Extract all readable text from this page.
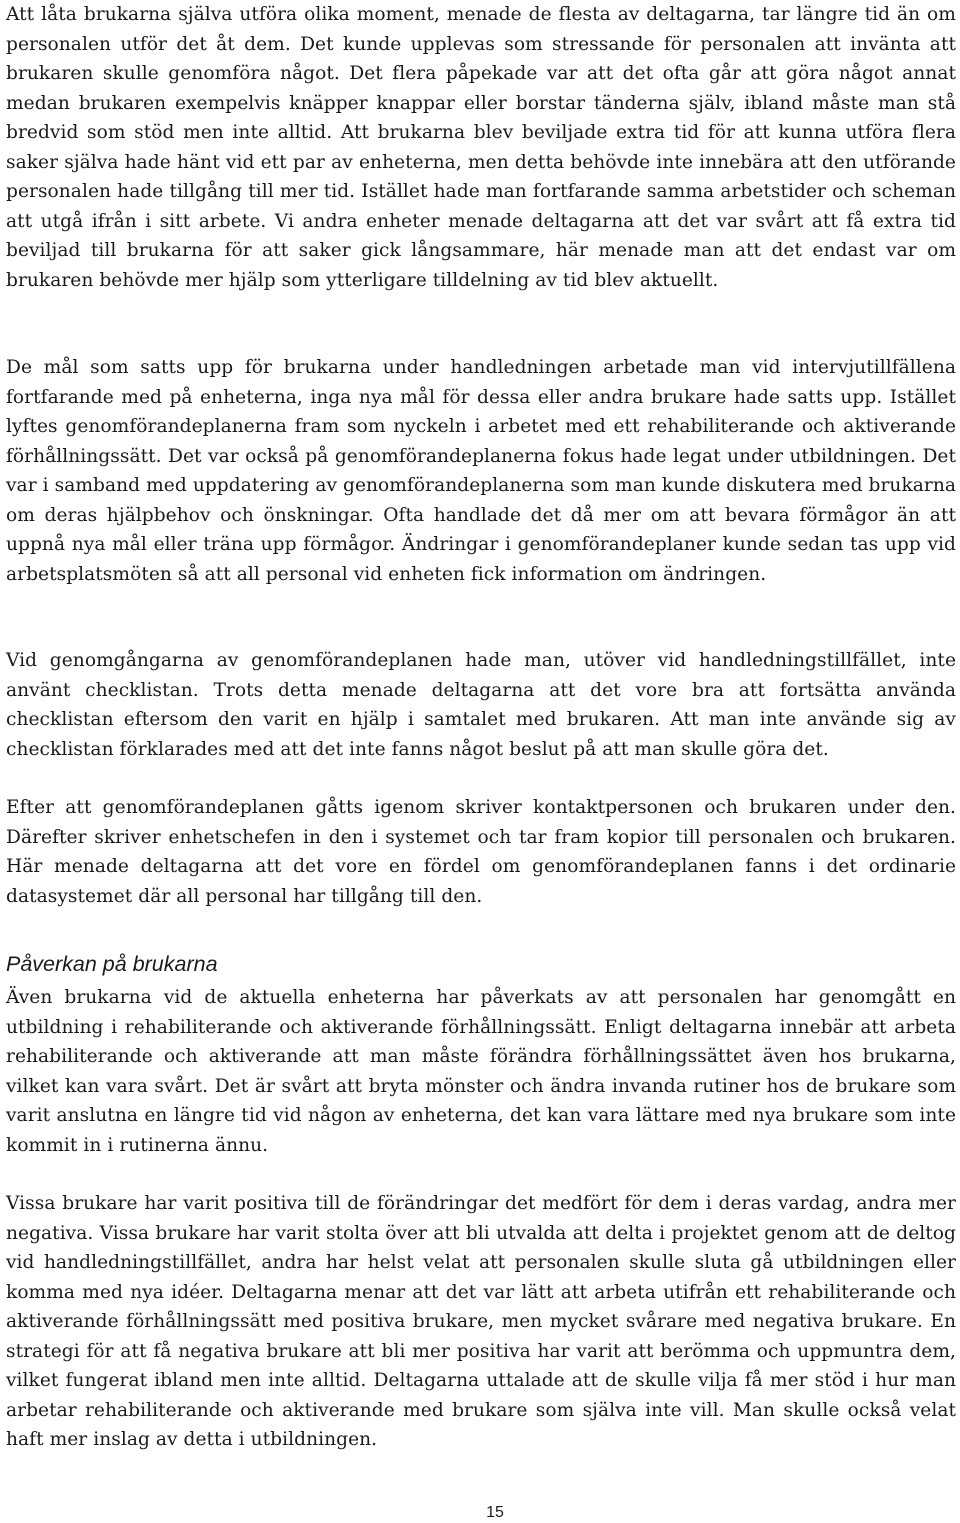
Att låta brukarna själva utföra olika moment, menade de flesta av deltagarna, tar längre tid än om personalen utför det åt dem. Det kunde upplevas som stressande för personalen att invänta att brukaren skulle genomföra något. Det flera påpekade var att det ofta går att göra något annat medan brukaren exempelvis knäpper knappar eller borstar tänderna själv, ibland måste man stå bredvid som stöd men inte alltid. Att brukarna blev beviljade extra tid för att kunna utföra flera saker själva hade hänt vid ett par av enheterna, men detta behövde inte innebära att den utförande personalen hade tillgång till mer tid. Istället hade man fortfarande samma arbetstider och scheman att utgå ifrån i sitt arbete. Vi andra enheter menade deltagarna att det var svårt att få extra tid beviljad till brukarna för att saker gick långsammare, här menade man att det endast var om brukaren behövde mer hjälp som ytterligare tilldelning av tid blev aktuellt.

De mål som satts upp för brukarna under handledningen arbetade man vid intervjutillfällena fortfarande med på enheterna, inga nya mål för dessa eller andra brukare hade satts upp. Istället lyftes genomförandeplanerna fram som nyckeln i arbetet med ett rehabiliterande och aktiverande förhållningssätt. Det var också på genomförandeplanerna fokus hade legat under utbildningen. Det var i samband med uppdatering av genomförandeplanerna som man kunde diskutera med brukarna om deras hjälpbehov och önskningar. Ofta handlade det då mer om att bevara förmågor än att uppnå nya mål eller träna upp förmågor. Ändringar i genomförandeplaner kunde sedan tas upp vid arbetsplatsmöten så att all personal vid enheten fick information om ändringen.

Vid genomgångarna av genomförandeplanen hade man, utöver vid handledningstillfället, inte använt checklistan. Trots detta menade deltagarna att det vore bra att fortsätta använda checklistan eftersom den varit en hjälp i samtalet med brukaren. Att man inte använde sig av checklistan förklarades med att det inte fanns något beslut på att man skulle göra det.

Efter att genomförandeplanen gåtts igenom skriver kontaktpersonen och brukaren under den. Därefter skriver enhetschefen in den i systemet och tar fram kopior till personalen och brukaren. Här menade deltagarna att det vore en fördel om genomförandeplanen fanns i det ordinarie datasystemet där all personal har tillgång till den.

Påverkan på brukarna

Även brukarna vid de aktuella enheterna har påverkats av att personalen har genomgått en utbildning i rehabiliterande och aktiverande förhållningssätt. Enligt deltagarna innebär att arbeta rehabiliterande och aktiverande att man måste förändra förhållningssättet även hos brukarna, vilket kan vara svårt. Det är svårt att bryta mönster och ändra invanda rutiner hos de brukare som varit anslutna en längre tid vid någon av enheterna, det kan vara lättare med nya brukare som inte kommit in i rutinerna ännu.

Vissa brukare har varit positiva till de förändringar det medfört för dem i deras vardag, andra mer negativa. Vissa brukare har varit stolta över att bli utvalda att delta i projektet genom att de deltog vid handledningstillfället, andra har helst velat att personalen skulle sluta gå utbildningen eller komma med nya idéer. Deltagarna menar att det var lätt att arbeta utifrån ett rehabiliterande och aktiverande förhållningssätt med positiva brukare, men mycket svårare med negativa brukare. En strategi för att få negativa brukare att bli mer positiva har varit att berömma och uppmuntra dem, vilket fungerat ibland men inte alltid. Deltagarna uttalade att de skulle vilja få mer stöd i hur man arbetar rehabiliterande och aktiverande med brukare som själva inte vill. Man skulle också velat haft mer inslag av detta i utbildningen.

15
